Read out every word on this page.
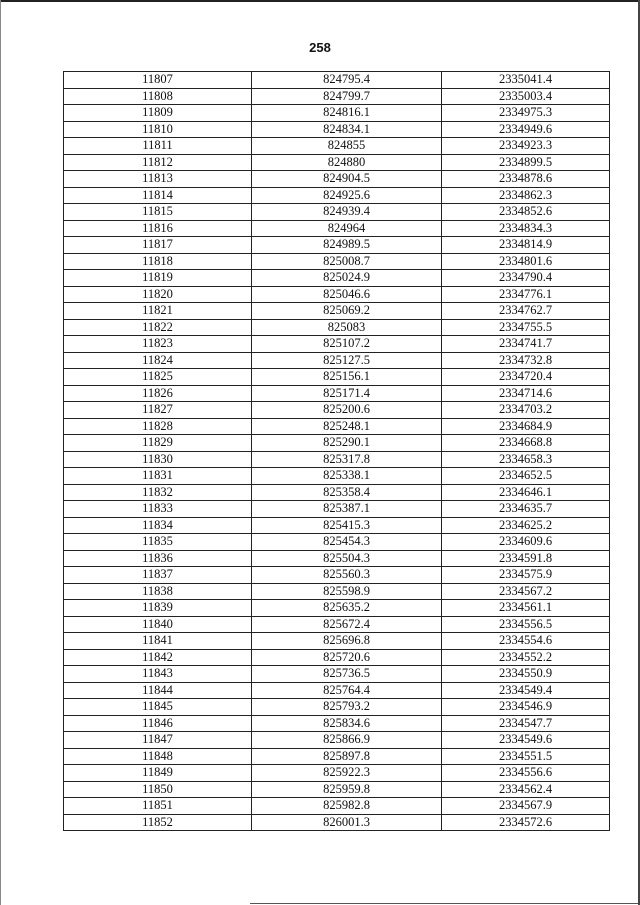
258
11807	824795.4	2335041.4
11808	824799.7	2335003.4
11809	824816.1	2334975.3
11810	824834.1	2334949.6
11811	824855	2334923.3
11812	824880	2334899.5
11813	824904.5	2334878.6
11814	824925.6	2334862.3
11815	824939.4	2334852.6
11816	824964	2334834.3
11817	824989.5	2334814.9
11818	825008.7	2334801.6
11819	825024.9	2334790.4
11820	825046.6	2334776.1
11821	825069.2	2334762.7
11822	825083	2334755.5
11823	825107.2	2334741.7
11824	825127.5	2334732.8
11825	825156.1	2334720.4
11826	825171.4	2334714.6
11827	825200.6	2334703.2
11828	825248.1	2334684.9
11829	825290.1	2334668.8
11830	825317.8	2334658.3
11831	825338.1	2334652.5
11832	825358.4	2334646.1
11833	825387.1	2334635.7
11834	825415.3	2334625.2
11835	825454.3	2334609.6
11836	825504.3	2334591.8
11837	825560.3	2334575.9
11838	825598.9	2334567.2
11839	825635.2	2334561.1
11840	825672.4	2334556.5
11841	825696.8	2334554.6
11842	825720.6	2334552.2
11843	825736.5	2334550.9
11844	825764.4	2334549.4
11845	825793.2	2334546.9
11846	825834.6	2334547.7
11847	825866.9	2334549.6
11848	825897.8	2334551.5
11849	825922.3	2334556.6
11850	825959.8	2334562.4
11851	825982.8	2334567.9
11852	826001.3	2334572.6
